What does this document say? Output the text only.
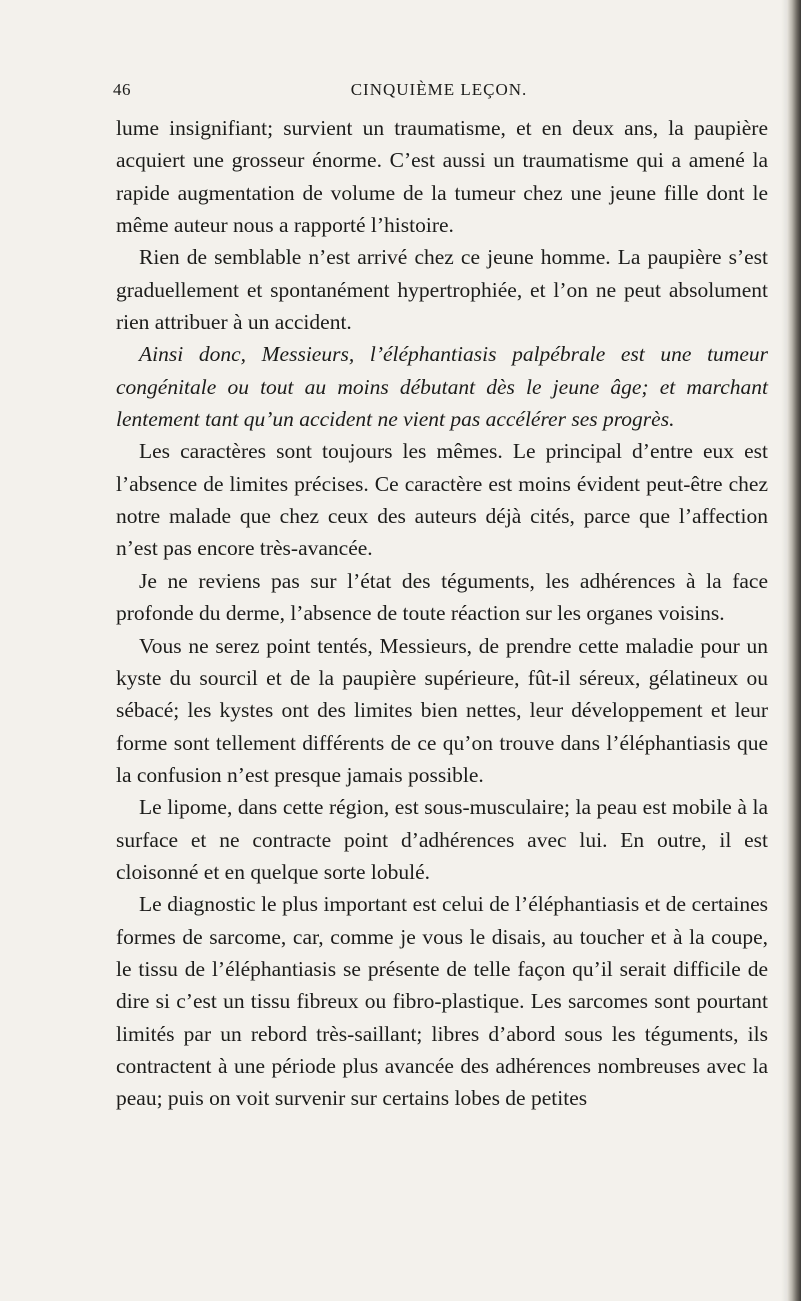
46	CINQUIÈME LEÇON.

lume insignifiant; survient un traumatisme, et en deux ans, la paupière acquiert une grosseur énorme. C’est aussi un traumatisme qui a amené la rapide augmentation de volume de la tumeur chez une jeune fille dont le même auteur nous a rapporté l’histoire.

Rien de semblable n’est arrivé chez ce jeune homme. La paupière s’est graduellement et spontanément hypertrophiée, et l’on ne peut absolument rien attribuer à un accident.

Ainsi donc, Messieurs, l’éléphantiasis palpébrale est une tumeur congénitale ou tout au moins débutant dès le jeune âge; et marchant lentement tant qu’un accident ne vient pas accélérer ses progrès.

Les caractères sont toujours les mêmes. Le principal d’entre eux est l’absence de limites précises. Ce caractère est moins évident peut-être chez notre malade que chez ceux des auteurs déjà cités, parce que l’affection n’est pas encore très-avancée.

Je ne reviens pas sur l’état des téguments, les adhérences à la face profonde du derme, l’absence de toute réaction sur les organes voisins.

Vous ne serez point tentés, Messieurs, de prendre cette maladie pour un kyste du sourcil et de la paupière supérieure, fût-il séreux, gélatineux ou sébacé; les kystes ont des limites bien nettes, leur développement et leur forme sont tellement différents de ce qu’on trouve dans l’éléphantiasis que la confusion n’est presque jamais possible.

Le lipome, dans cette région, est sous-musculaire; la peau est mobile à la surface et ne contracte point d’adhérences avec lui. En outre, il est cloisonné et en quelque sorte lobulé.

Le diagnostic le plus important est celui de l’éléphantiasis et de certaines formes de sarcome, car, comme je vous le disais, au toucher et à la coupe, le tissu de l’éléphantiasis se présente de telle façon qu’il serait difficile de dire si c’est un tissu fibreux ou fibro-plastique. Les sarcomes sont pourtant limités par un rebord très-saillant; libres d’abord sous les téguments, ils contractent à une période plus avancée des adhérences nombreuses avec la peau; puis on voit survenir sur certains lobes de petites
